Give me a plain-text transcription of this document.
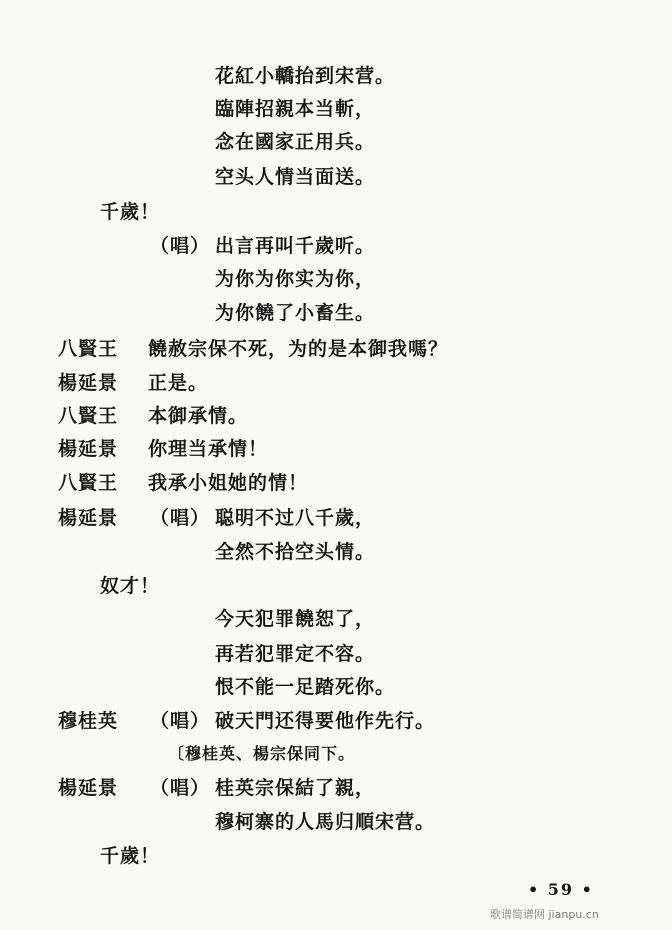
花紅小轎抬到宋营。
臨陣招親本当斬，
念在國家正用兵。
空头人情当面送。
千歲！
（唱） 出言再叫千歲听。
为你为你实为你，
为你饒了小畜生。
八賢王 饒赦宗保不死，为的是本御我嗎？
楊延景 正是。
八賢王 本御承情。
楊延景 你理当承情！
八賢王 我承小姐她的情！
楊延景 （唱） 聪明不过八千歲，
全然不拾空头情。
奴才！
今天犯罪饒恕了，
再若犯罪定不容。
恨不能一足踏死你。
穆桂英 （唱） 破天門还得要他作先行。
〔穆桂英、楊宗保同下。
楊延景 （唱） 桂英宗保結了親，
穆柯寨的人馬归順宋营。
千歲！
• 59 •
歌谱简谱网 jianpu.cn
